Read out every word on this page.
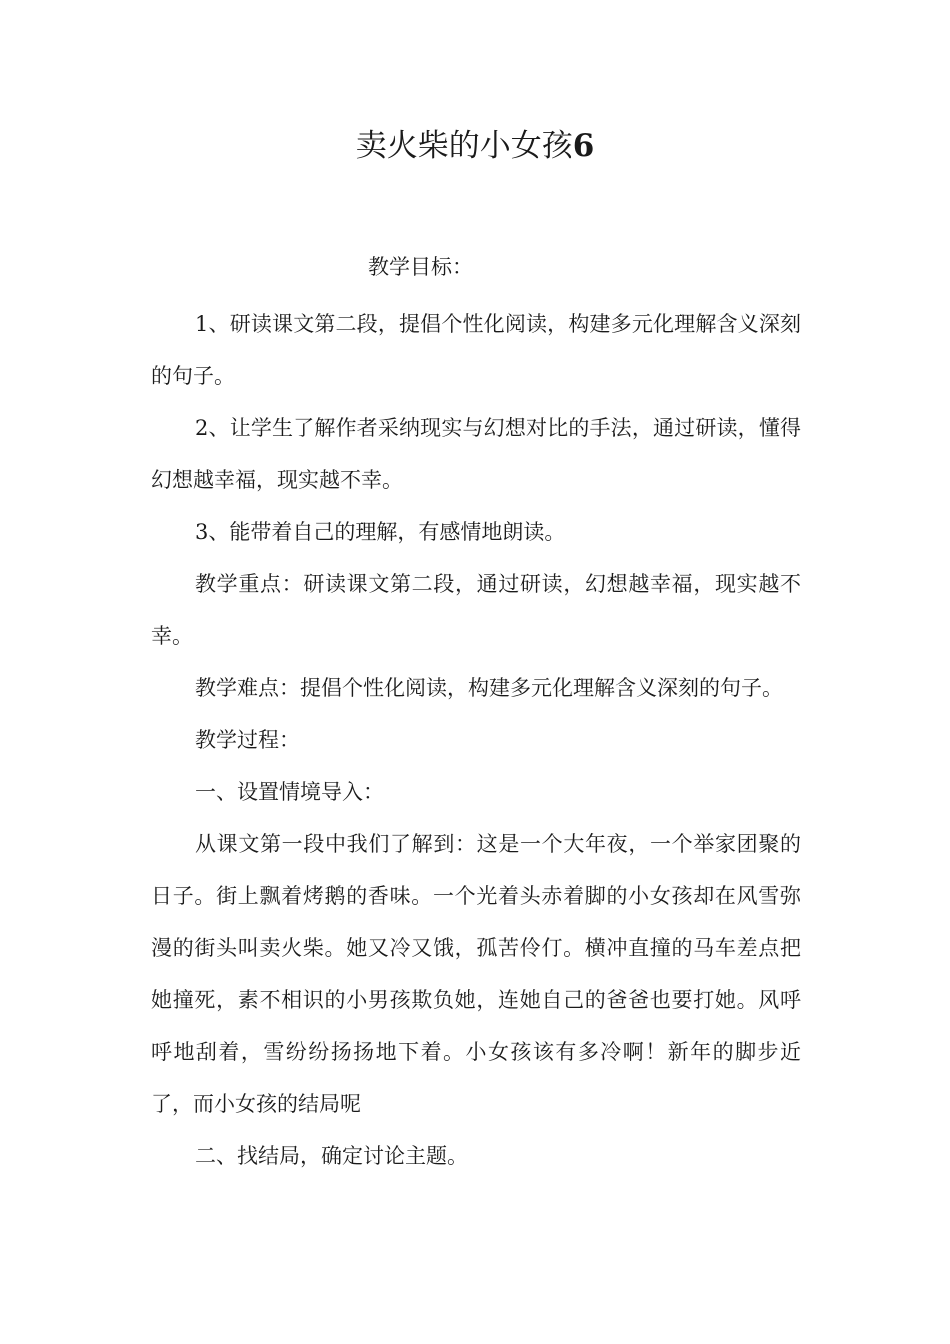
卖火柴的小女孩6

教学目标：

1、研读课文第二段，提倡个性化阅读，构建多元化理解含义深刻的句子。

2、让学生了解作者采纳现实与幻想对比的手法，通过研读，懂得幻想越幸福，现实越不幸。

3、能带着自己的理解，有感情地朗读。

教学重点：研读课文第二段，通过研读，幻想越幸福，现实越不幸。

教学难点：提倡个性化阅读，构建多元化理解含义深刻的句子。

教学过程：

一、设置情境导入：

从课文第一段中我们了解到：这是一个大年夜，一个举家团聚的日子。街上飘着烤鹅的香味。一个光着头赤着脚的小女孩却在风雪弥漫的街头叫卖火柴。她又冷又饿，孤苦伶仃。横冲直撞的马车差点把她撞死，素不相识的小男孩欺负她，连她自己的爸爸也要打她。风呼呼地刮着，雪纷纷扬扬地下着。小女孩该有多冷啊！新年的脚步近了，而小女孩的结局呢

二、找结局，确定讨论主题。
